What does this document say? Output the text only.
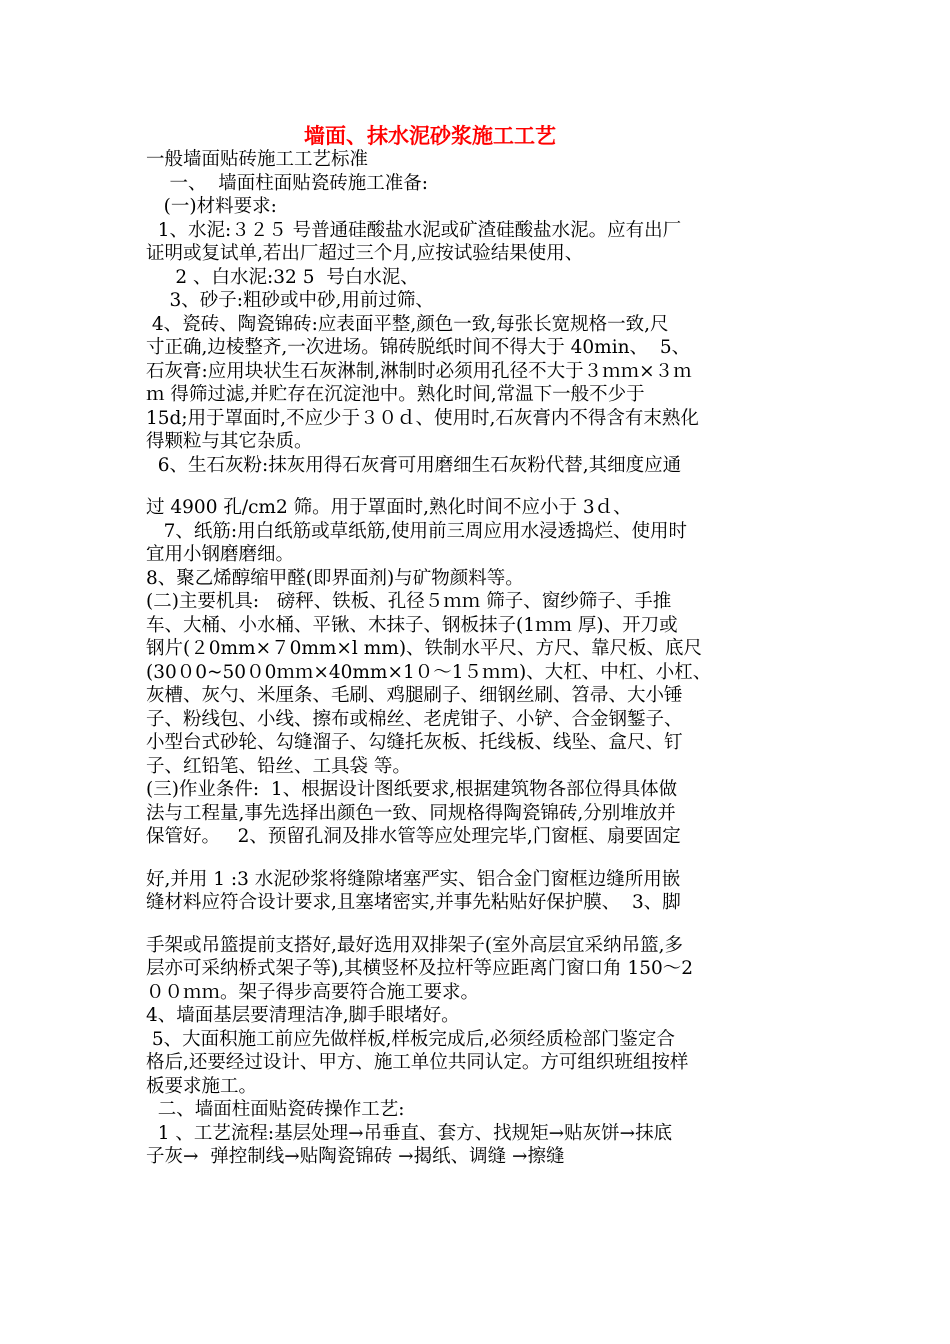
墙面、抹水泥砂浆施工工艺
一般墙面贴砖施工工艺标准
一、  墙面柱面贴瓷砖施工准备:
(一)材料要求:
1、水泥:３２５ 号普通硅酸盐水泥或矿渣硅酸盐水泥。应有出厂
证明或复试单,若出厂超过三个月,应按试验结果使用、
2 、白水泥:32 5  号白水泥、
3、砂子:粗砂或中砂,用前过筛、
4、瓷砖、陶瓷锦砖:应表面平整,颜色一致,每张长宽规格一致,尺
寸正确,边棱整齐,一次进场。锦砖脱纸时间不得大于 40min、  5、
石灰膏:应用块状生石灰淋制,淋制时必须用孔径不大于３ｍｍ×３ｍ
ｍ 得筛过滤,并贮存在沉淀池中。熟化时间,常温下一般不少于
15d;用于罩面时,不应少于３０ｄ、使用时,石灰膏内不得含有末熟化
得颗粒与其它杂质。
6、生石灰粉:抹灰用得石灰膏可用磨细生石灰粉代替,其细度应通
过 4900 孔/cm2 筛。用于罩面时,熟化时间不应小于 3ｄ、
7、纸筋:用白纸筋或草纸筋,使用前三周应用水浸透捣烂、使用时
宜用小钢磨磨细。
8、聚乙烯醇缩甲醛(即界面剂)与矿物颜料等。
(二)主要机具:   磅秤、铁板、孔径５ｍｍ 筛子、窗纱筛子、手推
车、大桶、小水桶、平锹、木抹子、钢板抹子(1ｍｍ 厚)、开刀或
钢片(２0mm×７0mm×l mm)、铁制水平尺、方尺、靠尺板、底尺
(30０0~50０0ｍｍ×40mm×1０～1５ｍｍ)、大杠、中杠、小杠、
灰槽、灰勺、米厘条、毛刷、鸡腿刷子、细钢丝刷、笤帚、大小锤
子、粉线包、小线、擦布或棉丝、老虎钳子、小铲、合金钢錾子、
小型台式砂轮、勾缝溜子、勾缝托灰板、托线板、线坠、盒尺、钉
子、红铅笔、铅丝、工具袋 等。
(三)作业条件:  1、根据设计图纸要求,根据建筑物各部位得具体做
法与工程量,事先选择出颜色一致、同规格得陶瓷锦砖,分别堆放并
保管好。   2、预留孔洞及排水管等应处理完毕,门窗框、扇要固定
好,并用 1 :3 水泥砂浆将缝隙堵塞严实、铝合金门窗框边缝所用嵌
缝材料应符合设计要求,且塞堵密实,并事先粘贴好保护膜、  3、脚
手架或吊篮提前支搭好,最好选用双排架子(室外高层宜采纳吊篮,多
层亦可采纳桥式架子等),其横竖杯及拉杆等应距离门窗口角 150～2
００ｍｍ。架子得步高要符合施工要求。
4、墙面基层要清理洁净,脚手眼堵好。
5、大面积施工前应先做样板,样板完成后,必须经质检部门鉴定合
格后,还要经过设计、甲方、施工单位共同认定。方可组织班组按样
板要求施工。
二、墙面柱面贴瓷砖操作工艺:
1 、工艺流程:基层处理→吊垂直、套方、找规矩→贴灰饼→抹底
子灰→  弹控制线→贴陶瓷锦砖 →揭纸、调缝 →擦缝
